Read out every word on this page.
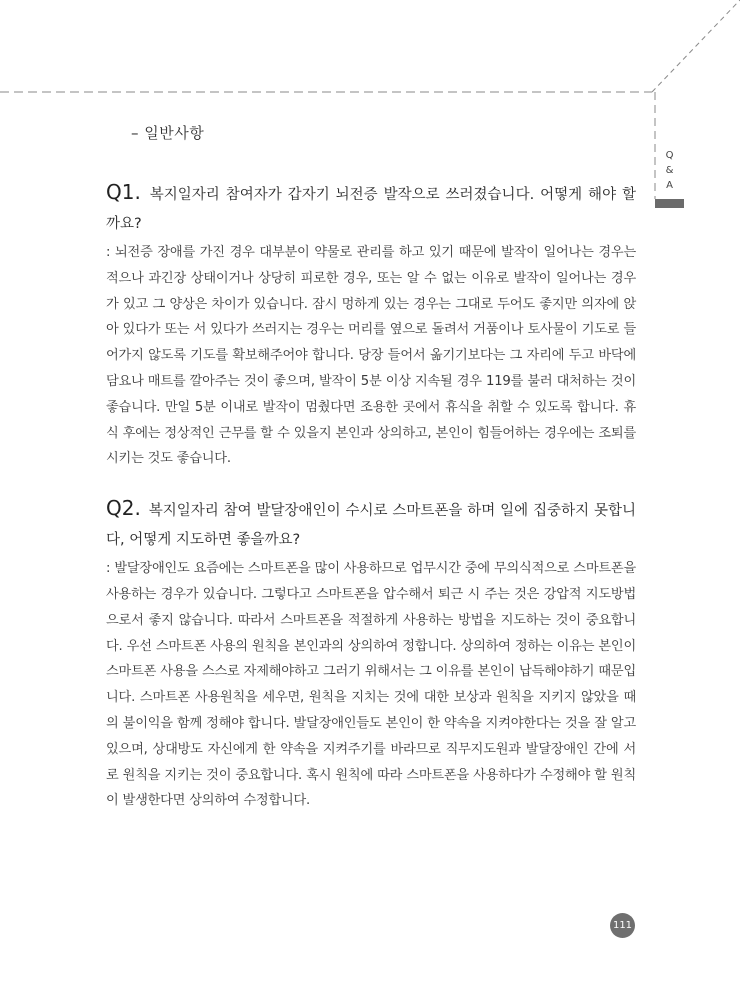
– 일반사항
Q
&
A
Q1. 복지일자리 참여자가 갑자기 뇌전증 발작으로 쓰러졌습니다. 어떻게 해야 할까요?
: 뇌전증 장애를 가진 경우 대부분이 약물로 관리를 하고 있기 때문에 발작이 일어나는 경우는 적으나 과긴장 상태이거나 상당히 피로한 경우, 또는 알 수 없는 이유로 발작이 일어나는 경우가 있고 그 양상은 차이가 있습니다. 잠시 멍하게 있는 경우는 그대로 두어도 좋지만 의자에 앉아 있다가 또는 서 있다가 쓰러지는 경우는 머리를 옆으로 돌려서 거품이나 토사물이 기도로 들어가지 않도록 기도를 확보해주어야 합니다. 당장 들어서 옮기기보다는 그 자리에 두고 바닥에 담요나 매트를 깔아주는 것이 좋으며, 발작이 5분 이상 지속될 경우 119를 불러 대처하는 것이 좋습니다. 만일 5분 이내로 발작이 멈췄다면 조용한 곳에서 휴식을 취할 수 있도록 합니다. 휴식 후에는 정상적인 근무를 할 수 있을지 본인과 상의하고, 본인이 힘들어하는 경우에는 조퇴를 시키는 것도 좋습니다.
Q2. 복지일자리 참여 발달장애인이 수시로 스마트폰을 하며 일에 집중하지 못합니다, 어떻게 지도하면 좋을까요?
: 발달장애인도 요즘에는 스마트폰을 많이 사용하므로 업무시간 중에 무의식적으로 스마트폰을 사용하는 경우가 있습니다. 그렇다고 스마트폰을 압수해서 퇴근 시 주는 것은 강압적 지도방법으로서 좋지 않습니다. 따라서 스마트폰을 적절하게 사용하는 방법을 지도하는 것이 중요합니다. 우선 스마트폰 사용의 원칙을 본인과의 상의하여 정합니다. 상의하여 정하는 이유는 본인이 스마트폰 사용을 스스로 자제해야하고 그러기 위해서는 그 이유를 본인이 납득해야하기 때문입니다. 스마트폰 사용원칙을 세우면, 원칙을 지치는 것에 대한 보상과 원칙을 지키지 않았을 때의 불이익을 함께 정해야 합니다. 발달장애인들도 본인이 한 약속을 지켜야한다는 것을 잘 알고 있으며, 상대방도 자신에게 한 약속을 지켜주기를 바라므로 직무지도원과 발달장애인 간에 서로 원칙을 지키는 것이 중요합니다. 혹시 원칙에 따라 스마트폰을 사용하다가 수정해야 할 원칙이 발생한다면 상의하여 수정합니다.
111
